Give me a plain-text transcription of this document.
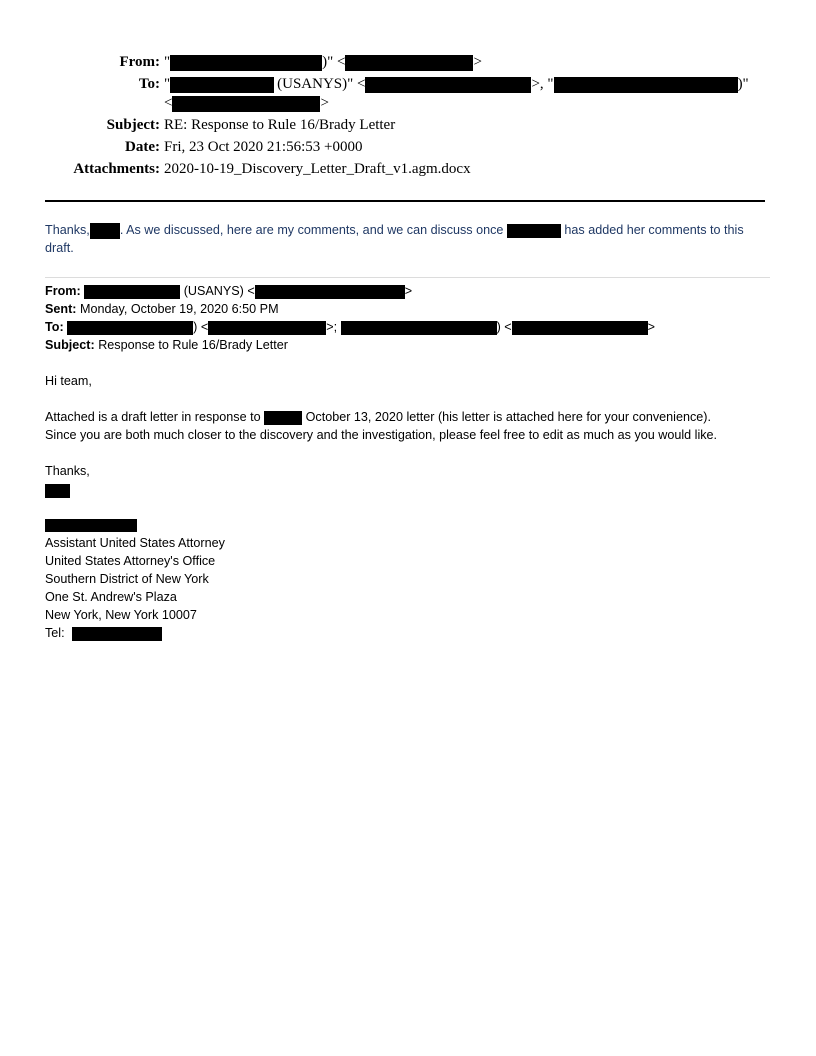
From: "	)" <	>
To: "	(USANYS)" <	>, "	)"
<	>
Subject: RE: Response to Rule 16/Brady Letter
Date: Fri, 23 Oct 2020 21:56:53 +0000
Attachments: 2020-10-19_Discovery_Letter_Draft_v1.agm.docx
Thanks, . As we discussed, here are my comments, and we can discuss once	has added her comments to this draft.
From:	(USANYS) <	>
Sent: Monday, October 19, 2020 6:50 PM
To:	) <	>;	) <	>
Subject: Response to Rule 16/Brady Letter
Hi team,
Attached is a draft letter in response to	October 13, 2020 letter (his letter is attached here for your convenience).
Since you are both much closer to the discovery and the investigation, please feel free to edit as much as you would like.
Thanks,
Assistant United States Attorney
United States Attorney's Office
Southern District of New York
One St. Andrew's Plaza
New York, New York 10007
Tel:
